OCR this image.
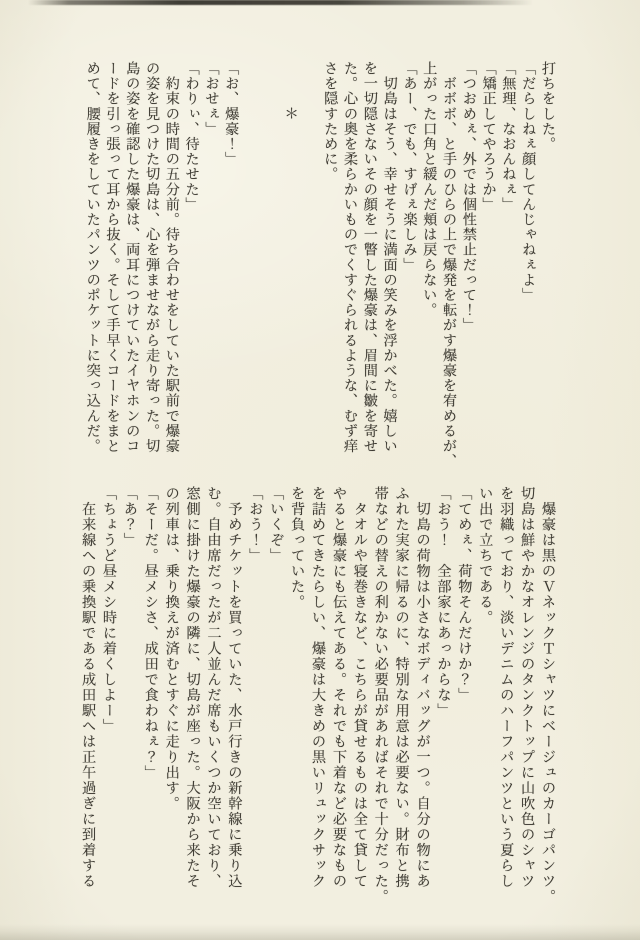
打ちをした。

「だらしねぇ顔してんじゃねぇよ」

「無理、なおんねぇ」

「矯正してやろうか」

「つおめぇ、外では個性禁止だって！」

　ボボボ、と手のひらの上で爆発を転がす爆豪を宥めるが、

上がった口角と緩んだ頬は戻らない。

「あー、でも、すげぇ楽しみ」

　切島はそう、幸せそうに満面の笑みを浮かべた。嬉しい

を一切隠さないその顔を一瞥した爆豪は、眉間に皺を寄せ

た。心の奥を柔らかいものでくすぐられるような、むず痒

さを隠すために。

　　　＊

「お、爆豪！」

「おせぇ」

「わりぃ、待たせた」

　約束の時間の五分前。待ち合わせをしていた駅前で爆豪

の姿を見つけた切島は、心を弾ませながら走り寄った。切

島の姿を確認した爆豪は、両耳につけていたイヤホンのコ

ードを引っ張って耳から抜く。そして手早くコードをまと

めて、腰履きをしていたパンツのポケットに突っ込んだ。

　爆豪は黒のＶネックＴシャツにベージュのカーゴパンツ。

切島は鮮やかなオレンジのタンクトップに山吹色のシャツ

を羽織っており、淡いデニムのハーフパンツという夏らし

い出で立ちである。

「てめぇ、荷物そんだけか？」

「おう！　全部家にあっからな」

　切島の荷物は小さなボディバッグが一つ。自分の物にあ

ふれた実家に帰るのに、特別な用意は必要ない。財布と携

帯などの替えの利かない必要品があればそれで十分だった。

　タオルや寝巻きなど、こちらが貸せるものは全て貸して

やると爆豪にも伝えてある。それでも下着など必要なもの

を詰めてきたらしい、爆豪は大きめの黒いリュックサック

を背負っていた。

「いくぞ」

「おう！」

　予めチケットを買っていた、水戸行きの新幹線に乗り込

む。自由席だったが二人並んだ席もいくつか空いており、

窓側に掛けた爆豪の隣に、切島が座った。大阪から来たそ

の列車は、乗り換えが済むとすぐに走り出す。

「そーだ。昼メシさ、成田で食わねぇ？」

「あ？」

「ちょうど昼メシ時に着くしよー」

　在来線への乗換駅である成田駅へは正午過ぎに到着する
